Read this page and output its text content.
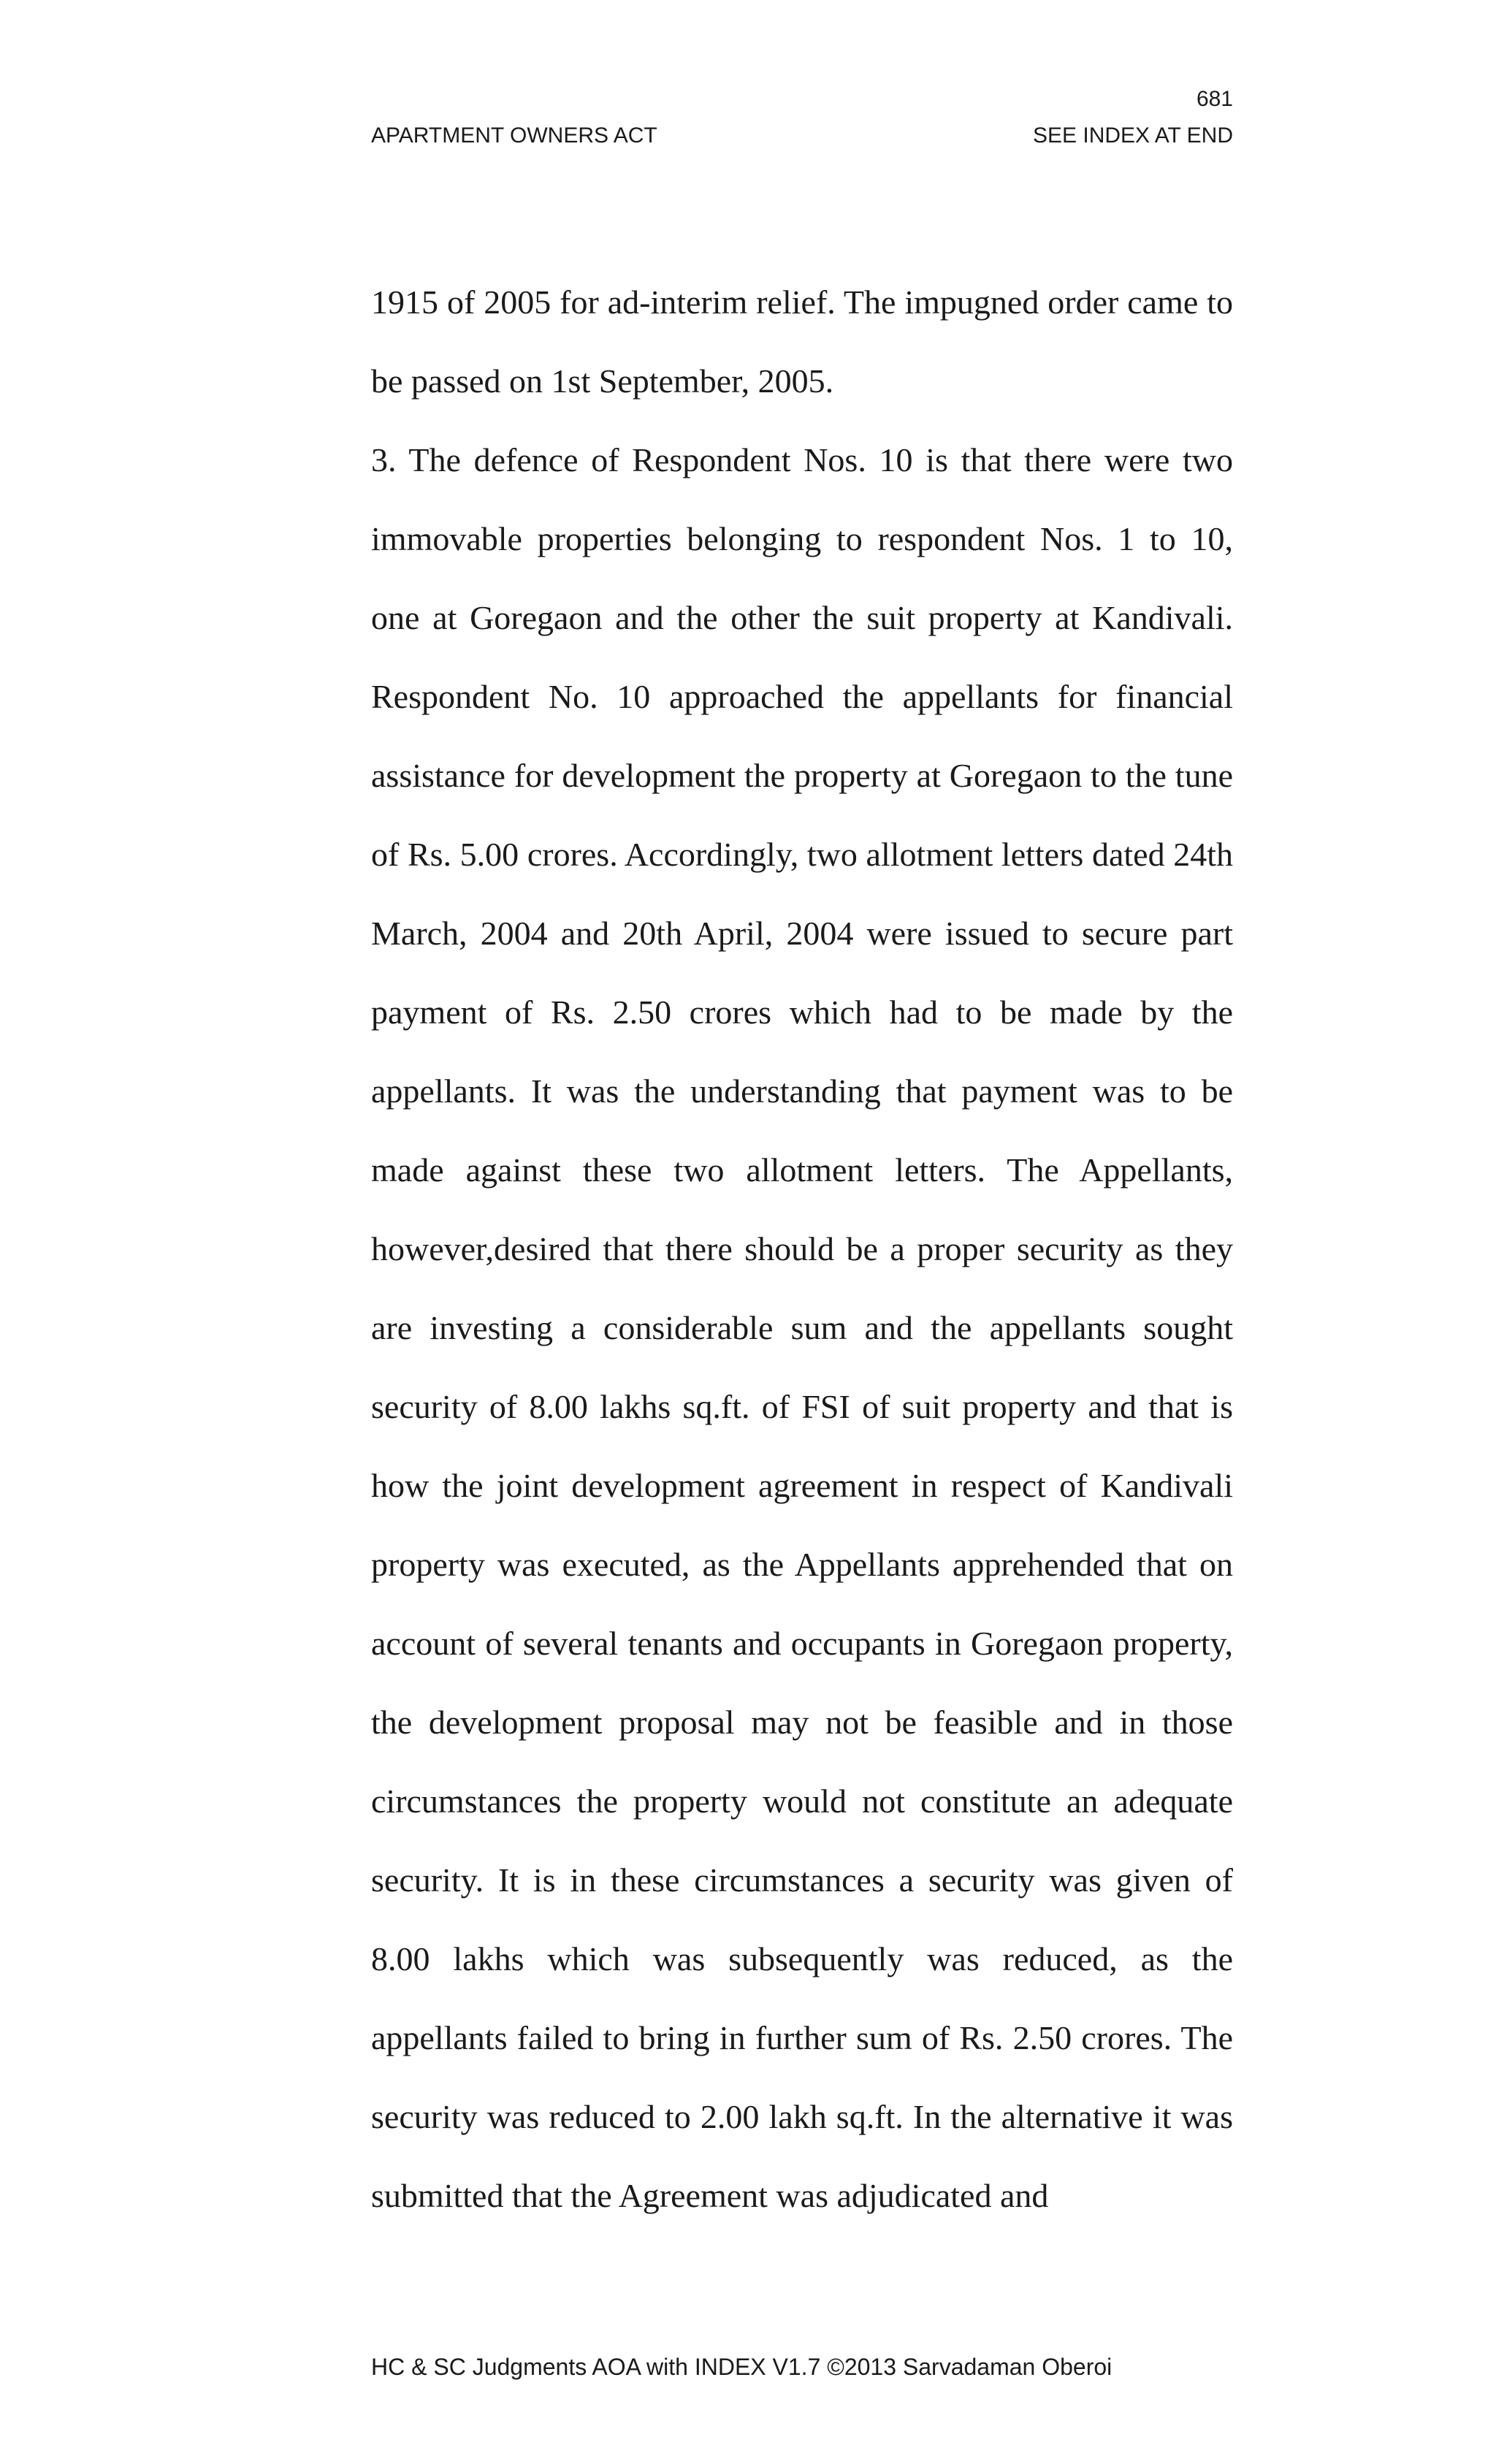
681
APARTMENT OWNERS ACT	SEE INDEX AT END

1915 of 2005 for ad-interim relief. The impugned order came to be passed on 1st September, 2005.

3. The defence of Respondent Nos. 10 is that there were two immovable properties belonging to respondent Nos. 1 to 10, one at Goregaon and the other the suit property at Kandivali. Respondent No. 10 approached the appellants for financial assistance for development the property at Goregaon to the tune of Rs. 5.00 crores. Accordingly, two allotment letters dated 24th March, 2004 and 20th April, 2004 were issued to secure part payment of Rs. 2.50 crores which had to be made by the appellants. It was the understanding that payment was to be made against these two allotment letters. The Appellants, however,desired that there should be a proper security as they are investing a considerable sum and the appellants sought security of 8.00 lakhs sq.ft. of FSI of suit property and that is how the joint development agreement in respect of Kandivali property was executed, as the Appellants apprehended that on account of several tenants and occupants in Goregaon property, the development proposal may not be feasible and in those circumstances the property would not constitute an adequate security. It is in these circumstances a security was given of 8.00 lakhs which was subsequently was reduced, as the appellants failed to bring in further sum of Rs. 2.50 crores. The security was reduced to 2.00 lakh sq.ft. In the alternative it was submitted that the Agreement was adjudicated and

HC & SC Judgments AOA with INDEX V1.7 ©2013 Sarvadaman Oberoi
